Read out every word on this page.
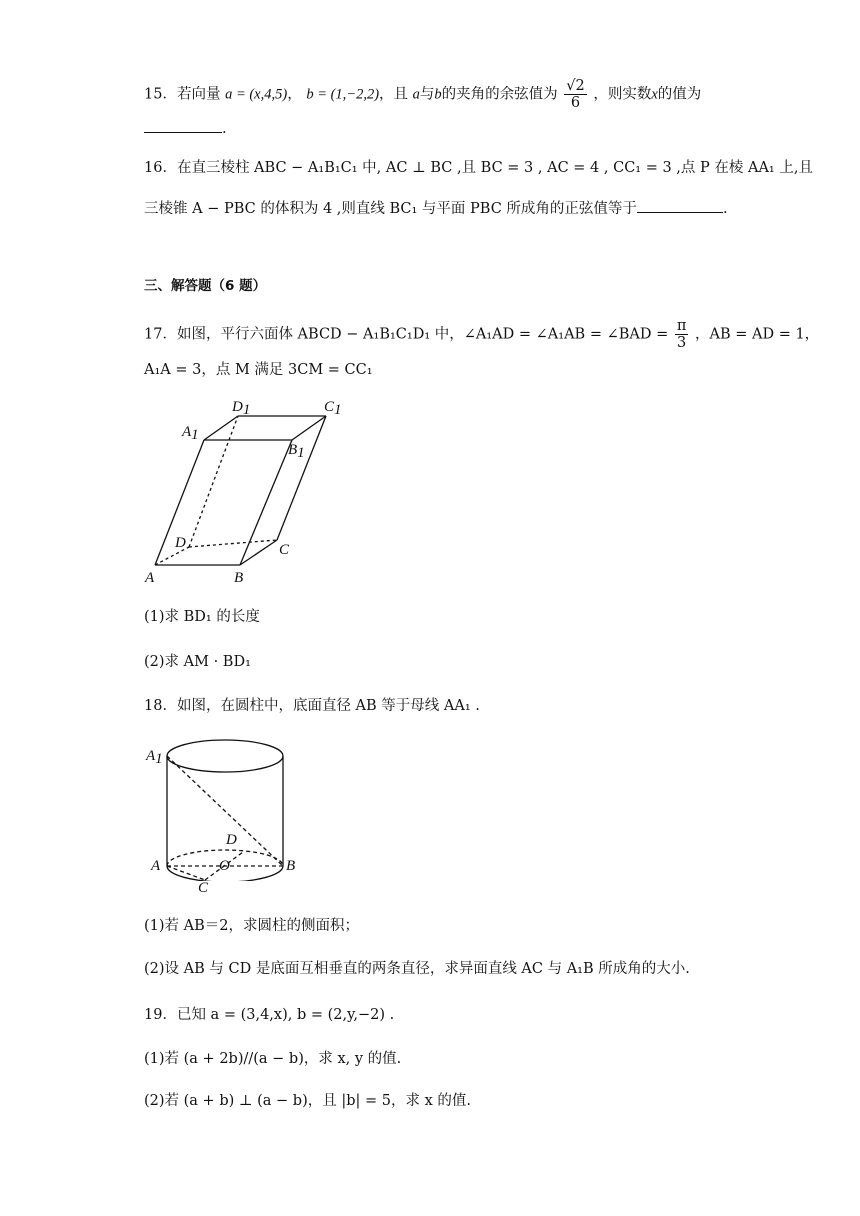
15．若向量 a = (x,4,5)， b = (1,−2,2)，且 a与b的夹角的余弦值为 $\frac{√2}{6}$ ，则实数x的值为
.
16．在直三棱柱 ABC − A₁B₁C₁ 中, AC ⊥ BC ,且 BC = 3 , AC = 4 , CC₁ = 3 ,点 P 在棱 AA₁ 上,且
三棱锥 A − PBC 的体积为 4 ,则直线 BC₁ 与平面 PBC 所成角的正弦值等于	.
三、解答题（6 题）
17．如图，平行六面体 ABCD − A₁B₁C₁D₁ 中，∠A₁AD = ∠A₁AB = ∠BAD = $\frac{\pi}{3}$ ，AB = AD = 1，
A₁A = 3，点 M 满足 3CM = CC₁
D1	C1
A1
B1
D	C
A	B
(1)求 BD₁ 的长度
(2)求 AM · BD₁
18．如图，在圆柱中，底面直径 AB 等于母线 AA₁ .
A1
D
O
A	B
C
(1)若 AB＝2，求圆柱的侧面积；
(2)设 AB 与 CD 是底面互相垂直的两条直径，求异面直线 AC 与 A₁B 所成角的大小.
19．已知 a = (3,4,x), b = (2,y,−2) .
(1)若 (a + 2b)//(a − b)，求 x, y 的值.
(2)若 (a + b) ⊥ (a − b)，且 |b| = 5，求 x 的值.
